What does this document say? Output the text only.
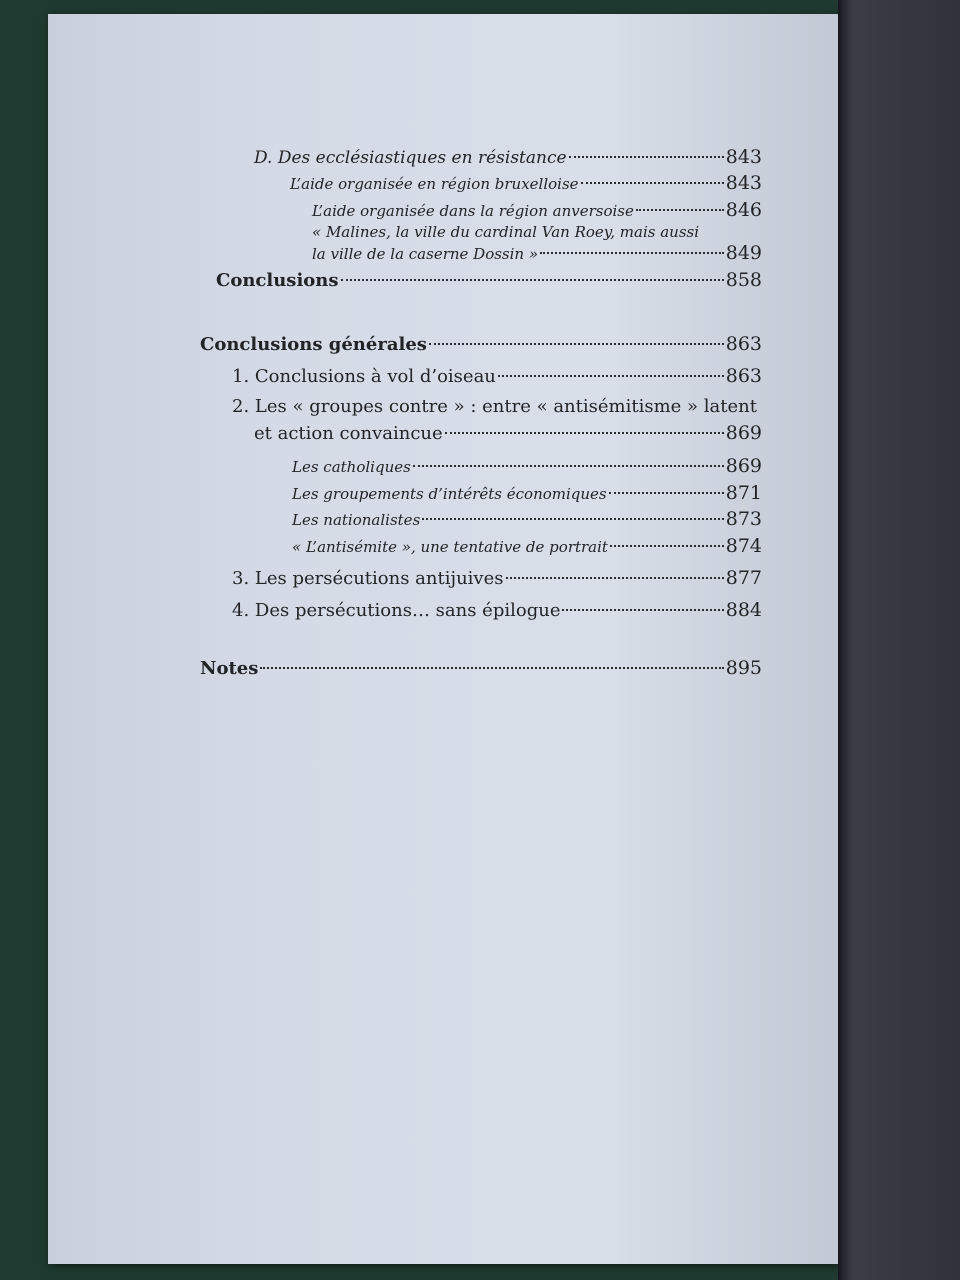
D. Des ecclésiastiques en résistance	843
L’aide organisée en région bruxelloise	843
L’aide organisée dans la région anversoise	846
« Malines, la ville du cardinal Van Roey, mais aussi
la ville de la caserne Dossin »	849
Conclusions	858
Conclusions générales	863
1. Conclusions à vol d’oiseau	863
2. Les « groupes contre » : entre « antisémitisme » latent
et action convaincue	869
Les catholiques	869
Les groupements d’intérêts économiques	871
Les nationalistes	873
« L’antisémite », une tentative de portrait	874
3. Les persécutions antijuives	877
4. Des persécutions… sans épilogue	884
Notes	895
